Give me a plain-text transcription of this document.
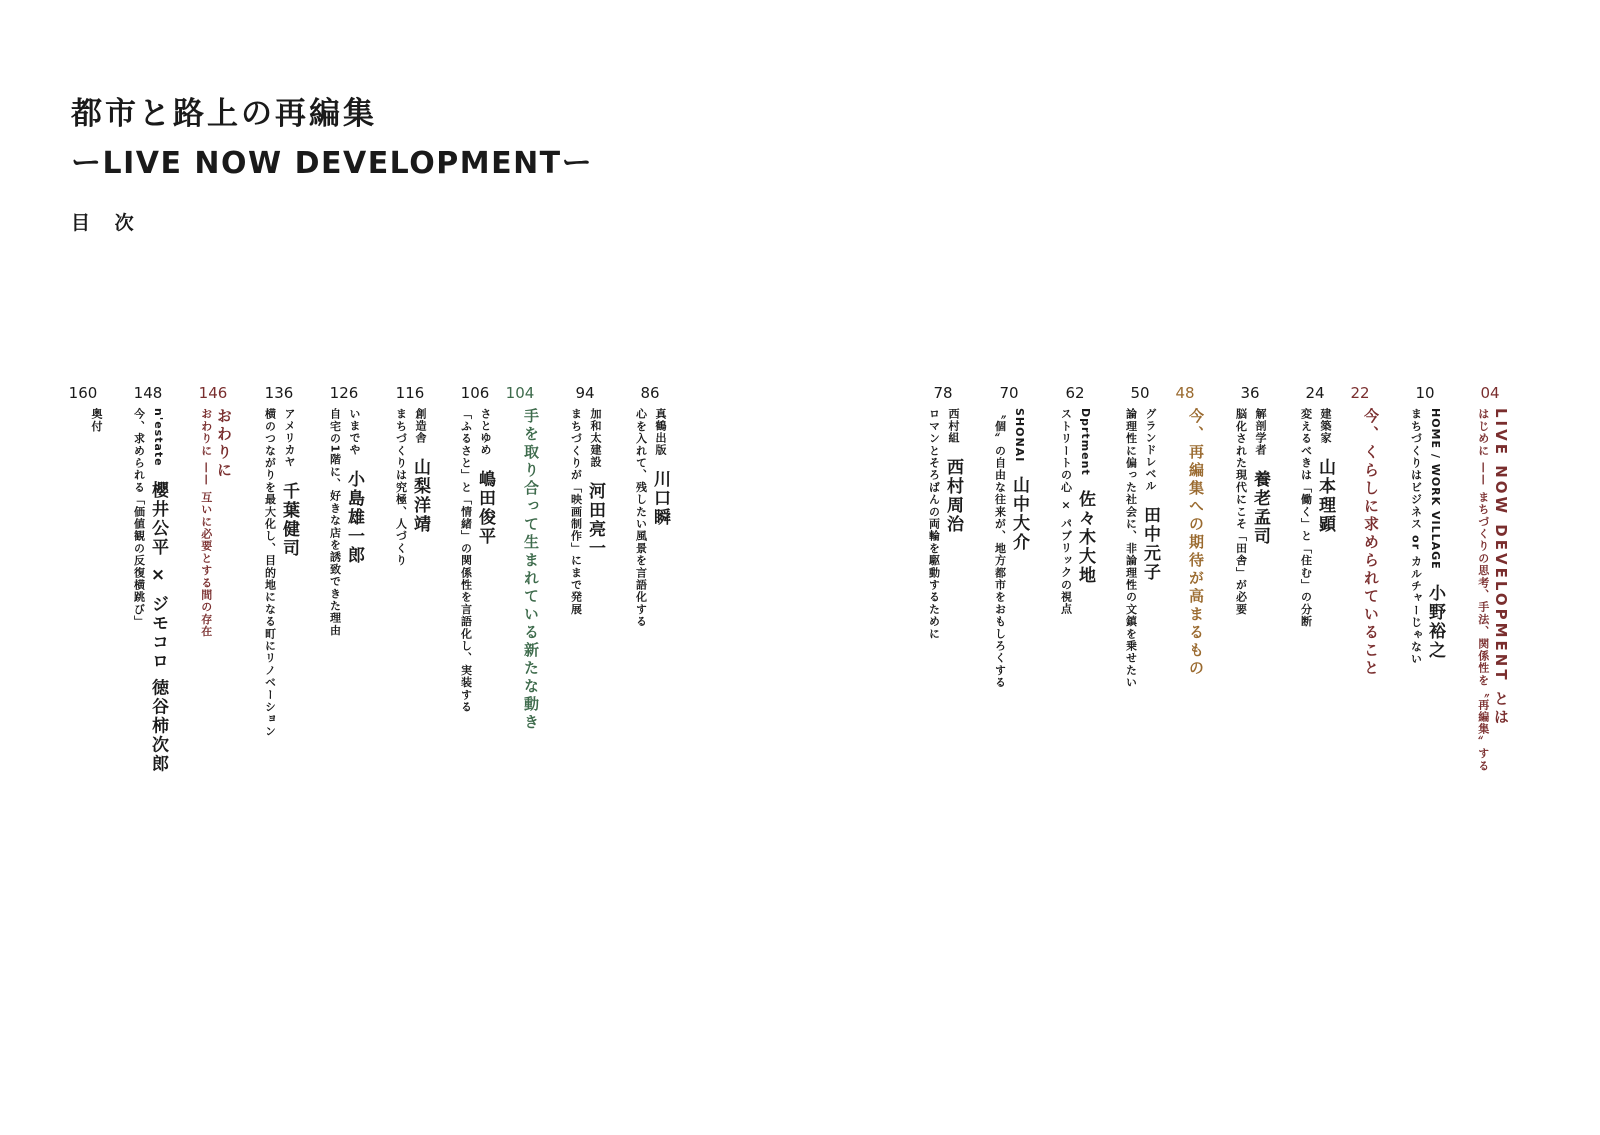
都市と路上の再編集
ーLIVE NOW DEVELOPMENTー
目 次
04
LIVE NOW DEVELOPMENT とは
はじめに —— まちづくりの思考、手法、関係性を〝再編集〟する
10
HOME / WORK VILLAGE小野裕之
まちづくりはビジネス or カルチャーじゃない
22
今、くらしに求められていること
24
建築家山本理顕
変えるべきは「働く」と「住む」の分断
36
解剖学者養老孟司
脳化された現代にこそ「田舎」が必要
48
今、再編集への期待が高まるもの
50
グランドレベル田中元子
論理性に偏った社会に、非論理性の文鎮を乗せたい
62
Dprtment佐々木大地
ストリートの心 × パブリックの視点
70
SHONAI山中大介
〝個〟の自由な往来が、地方都市をおもしろくする
78
西村組西村周治
ロマンとそろばんの両輪を駆動するために
86
真鶴出版川口瞬
心を入れて、残したい風景を言語化する
94
加和太建設河田亮一
まちづくりが「映画制作」にまで発展
104
手を取り合って生まれている新たな動き
106
さとゆめ嶋田俊平
「ふるさと」と「情緒」の関係性を言語化し、実装する
116
創造舎山梨洋靖
まちづくりは究極、人づくり
126
いまでや小島雄一郎
自宅の1階に、好きな店を誘致できた理由
136
アメリカヤ千葉健司
横のつながりを最大化し、目的地になる町にリノベーション
146
おわりに
おわりに —— 互いに必要とする間の存在
148
n'estate櫻井公平 × ジモコロ 徳谷柿次郎
今、求められる「価値観の反復横跳び」
160
奥付
